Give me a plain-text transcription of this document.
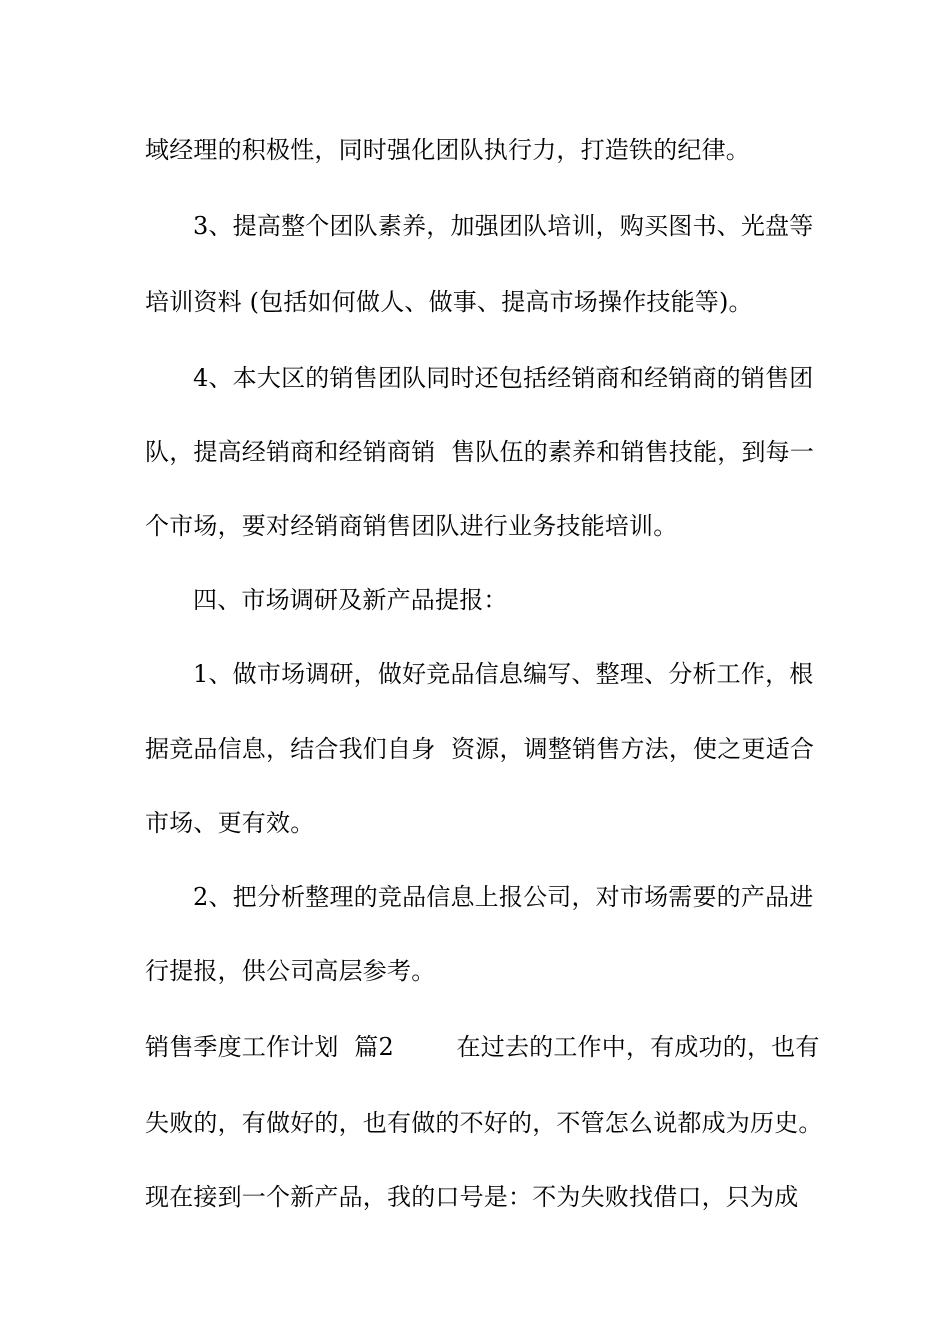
域经理的积极性，同时强化团队执行力，打造铁的纪律。
3、提高整个团队素养，加强团队培训，购买图书、光盘等
培训资料 (包括如何做人、做事、提高市场操作技能等)。
4、本大区的销售团队同时还包括经销商和经销商的销售团
队，提高经销商和经销商销  售队伍的素养和销售技能，到每一
个市场，要对经销商销售团队进行业务技能培训。
四、市场调研及新产品提报：
1、做市场调研，做好竞品信息编写、整理、分析工作，根
据竞品信息，结合我们自身  资源，调整销售方法，使之更适合
市场、更有效。
2、把分析整理的竞品信息上报公司，对市场需要的产品进
行提报，供公司高层参考。
销售季度工作计划  篇2        在过去的工作中，有成功的，也有
失败的，有做好的，也有做的不好的，不管怎么说都成为历史。
现在接到一个新产品，我的口号是：不为失败找借口，只为成
